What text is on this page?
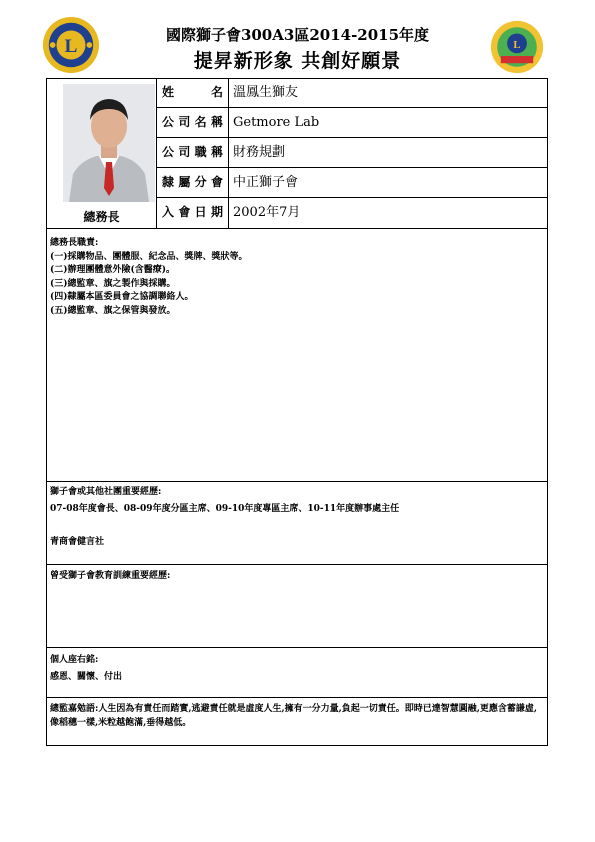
國際獅子會300A3區2014-2015年度
提昇新形象 共創好願景
L	L
總務長
姓名 溫鳳生獅友
公司名稱 Getmore Lab
公司職稱 財務規劃
隸屬分會 中正獅子會
入會日期 2002年7月
總務長職責:
(一)採購物品、團體服、紀念品、獎牌、獎狀等。
(二)辦理團體意外險(含醫療)。
(三)總監章、旗之製作與採購。
(四)隸屬本區委員會之協調聯絡人。
(五)總監章、旗之保管與發放。
獅子會或其他社團重要經歷:
07-08年度會長、08-09年度分區主席、09-10年度專區主席、10-11年度辦事處主任
青商會健言社
曾受獅子會教育訓練重要經歷:
個人座右銘:
感恩、關懷、付出
總監嘉勉語:人生因為有責任而踏實,逃避責任就是虛度人生,擁有一分力量,負起一切責任。即時已達智慧圓融,更應含蓄謙虛,像稻穗一樣,米粒越飽滿,垂得越低。
